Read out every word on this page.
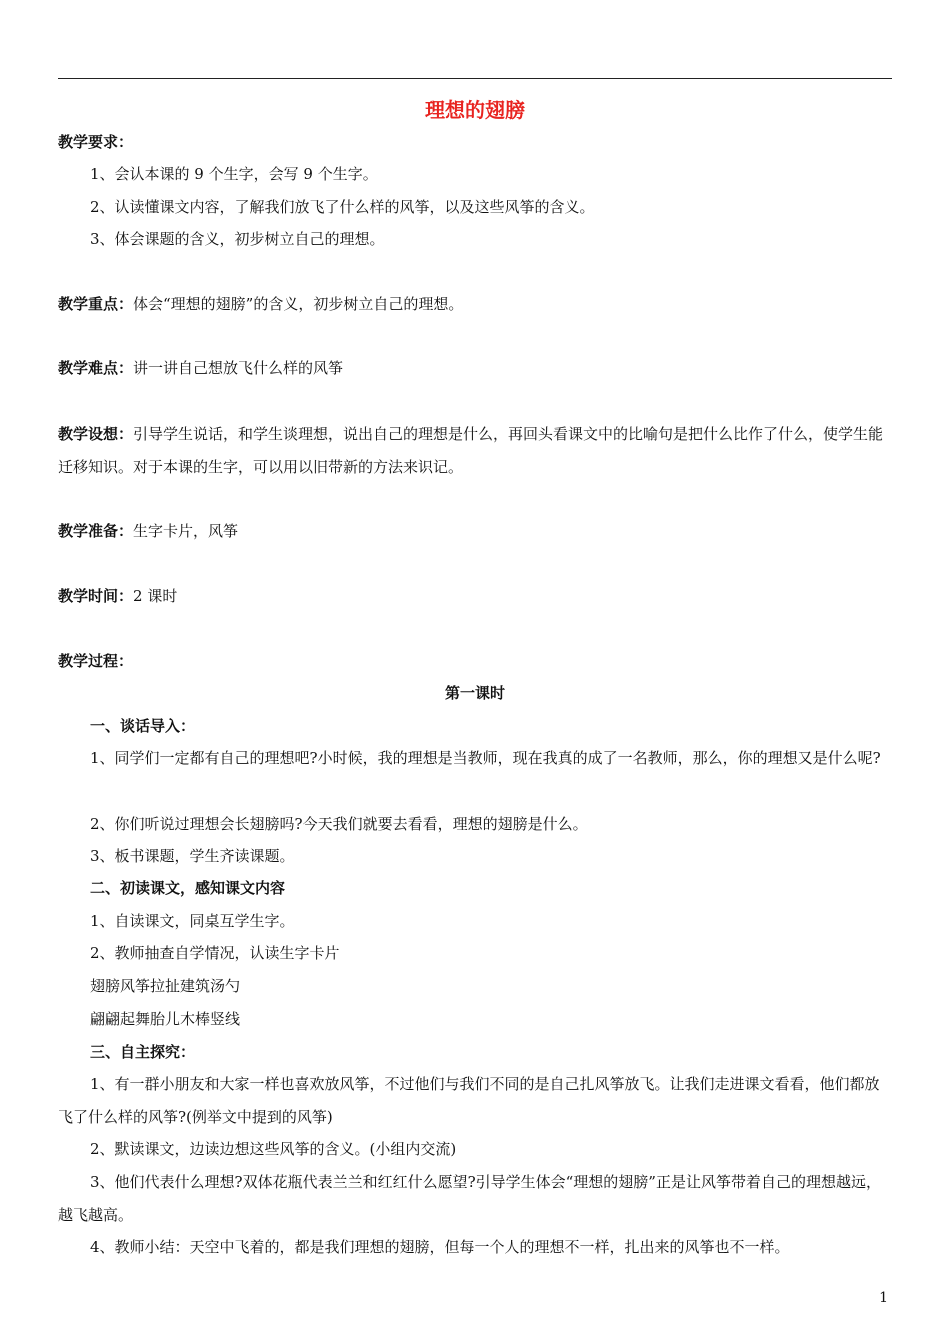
理想的翅膀
教学要求：
1、会认本课的 9 个生字，会写 9 个生字。
2、认读懂课文内容，了解我们放飞了什么样的风筝，以及这些风筝的含义。
3、体会课题的含义，初步树立自己的理想。
教学重点：体会“理想的翅膀”的含义，初步树立自己的理想。
教学难点：讲一讲自己想放飞什么样的风筝
教学设想：引导学生说话，和学生谈理想，说出自己的理想是什么，再回头看课文中的比喻句是把什么比作了什么，使学生能迁移知识。对于本课的生字，可以用以旧带新的方法来识记。
教学准备：生字卡片，风筝
教学时间：2 课时
教学过程：
第一课时
一、谈话导入：
1、同学们一定都有自己的理想吧?小时候，我的理想是当教师，现在我真的成了一名教师，那么，你的理想又是什么呢?
2、你们听说过理想会长翅膀吗?今天我们就要去看看，理想的翅膀是什么。
3、板书课题，学生齐读课题。
二、初读课文，感知课文内容
1、自读课文，同桌互学生字。
2、教师抽查自学情况，认读生字卡片
翅膀风筝拉扯建筑汤勺
翩翩起舞胎儿木棒竖线
三、自主探究：
1、有一群小朋友和大家一样也喜欢放风筝，不过他们与我们不同的是自己扎风筝放飞。让我们走进课文看看，他们都放飞了什么样的风筝?(例举文中提到的风筝)
2、默读课文，边读边想这些风筝的含义。(小组内交流)
3、他们代表什么理想?双体花瓶代表兰兰和红红什么愿望?引导学生体会“理想的翅膀”正是让风筝带着自己的理想越远，越飞越高。
4、教师小结：天空中飞着的，都是我们理想的翅膀，但每一个人的理想不一样，扎出来的风筝也不一样。
1
